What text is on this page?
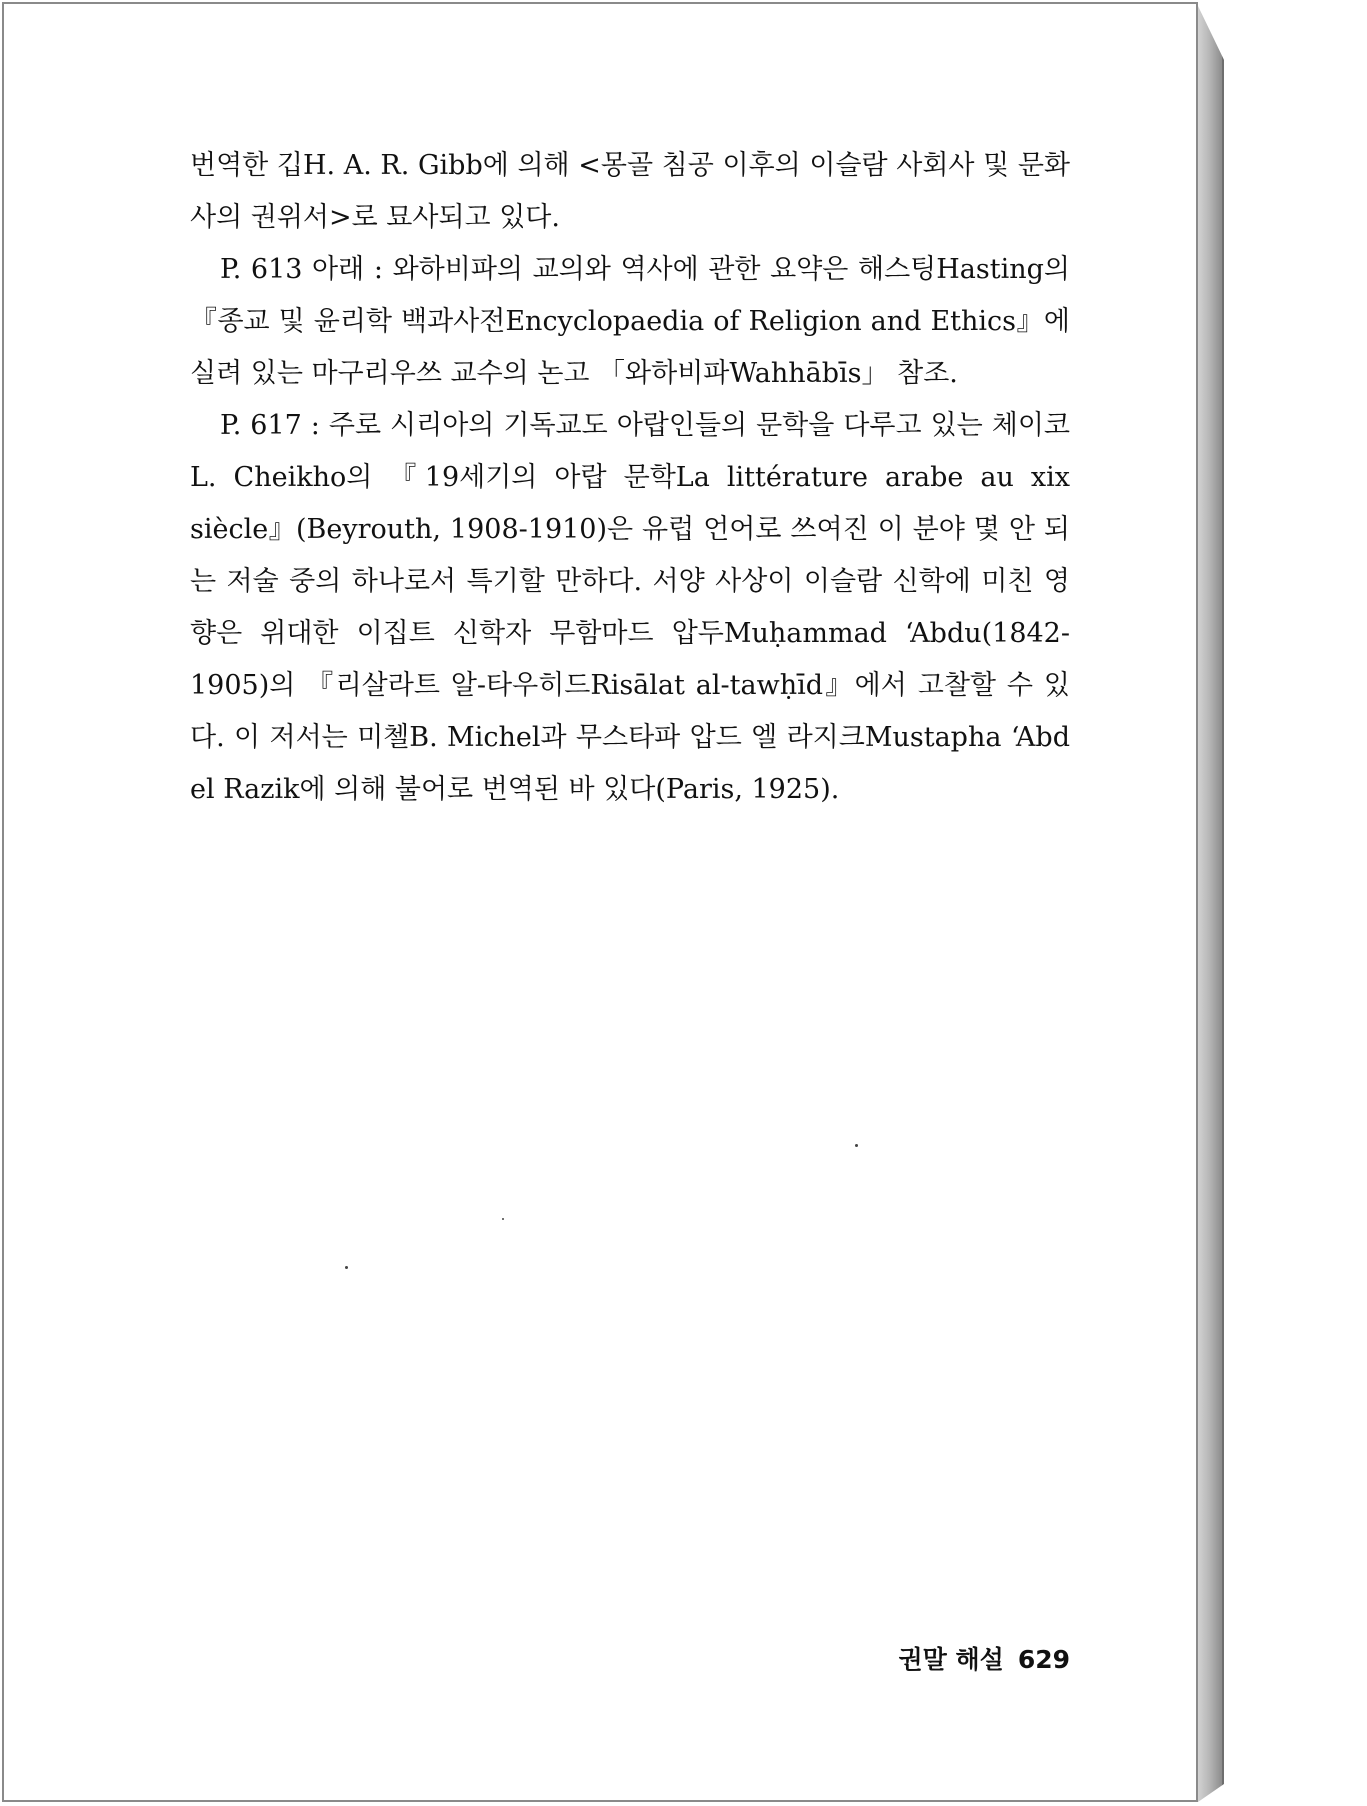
번역한 깁H. A. R. Gibb에 의해 <몽골 침공 이후의 이슬람 사회사 및 문화사의 권위서>로 묘사되고 있다.

P. 613 아래 : 와하비파의 교의와 역사에 관한 요약은 해스팅Hasting의 『종교 및 윤리학 백과사전Encyclopaedia of Religion and Ethics』에 실려 있는 마구리우쓰 교수의 논고 「와하비파Wahhābīs」 참조.

P. 617 : 주로 시리아의 기독교도 아랍인들의 문학을 다루고 있는 체이코L. Cheikho의 『19세기의 아랍 문학La littérature arabe au xix siècle』(Beyrouth, 1908-1910)은 유럽 언어로 쓰여진 이 분야 몇 안 되는 저술 중의 하나로서 특기할 만하다. 서양 사상이 이슬람 신학에 미친 영향은 위대한 이집트 신학자 무함마드 압두Muḥammad ‘Abdu(1842-1905)의 『리살라트 알-타우히드Risālat al-tawḥīd』에서 고찰할 수 있다. 이 저서는 미첼B. Michel과 무스타파 압드 엘 라지크Mustapha ‘Abd el Razik에 의해 불어로 번역된 바 있다(Paris, 1925).

권말 해설 629
